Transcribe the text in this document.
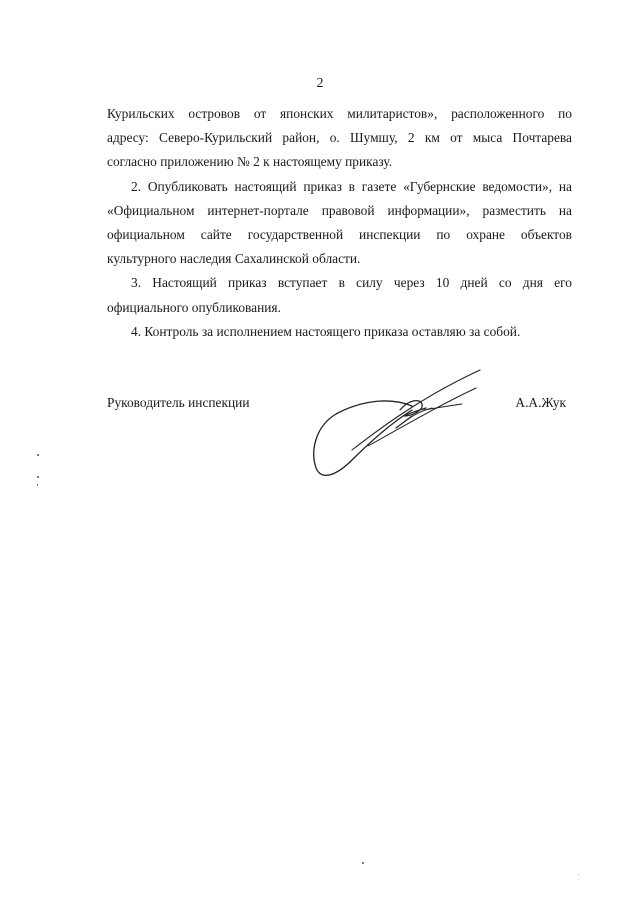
2

Курильских островов от японских милитаристов», расположенного по
адресу: Северо-Курильский район, о. Шумшу, 2 км от мыса Почтарева
согласно приложению № 2 к настоящему приказу.

2. Опубликовать настоящий приказ в газете «Губернские ведомости», на
«Официальном интернет-портале правовой информации», разместить на
официальном сайте государственной инспекции по охране объектов
культурного наследия Сахалинской области.

3. Настоящий приказ вступает в силу через 10 дней со дня его
официального опубликования.

4. Контроль за исполнением настоящего приказа оставляю за собой.

Руководитель инспекции	А.А.Жук
